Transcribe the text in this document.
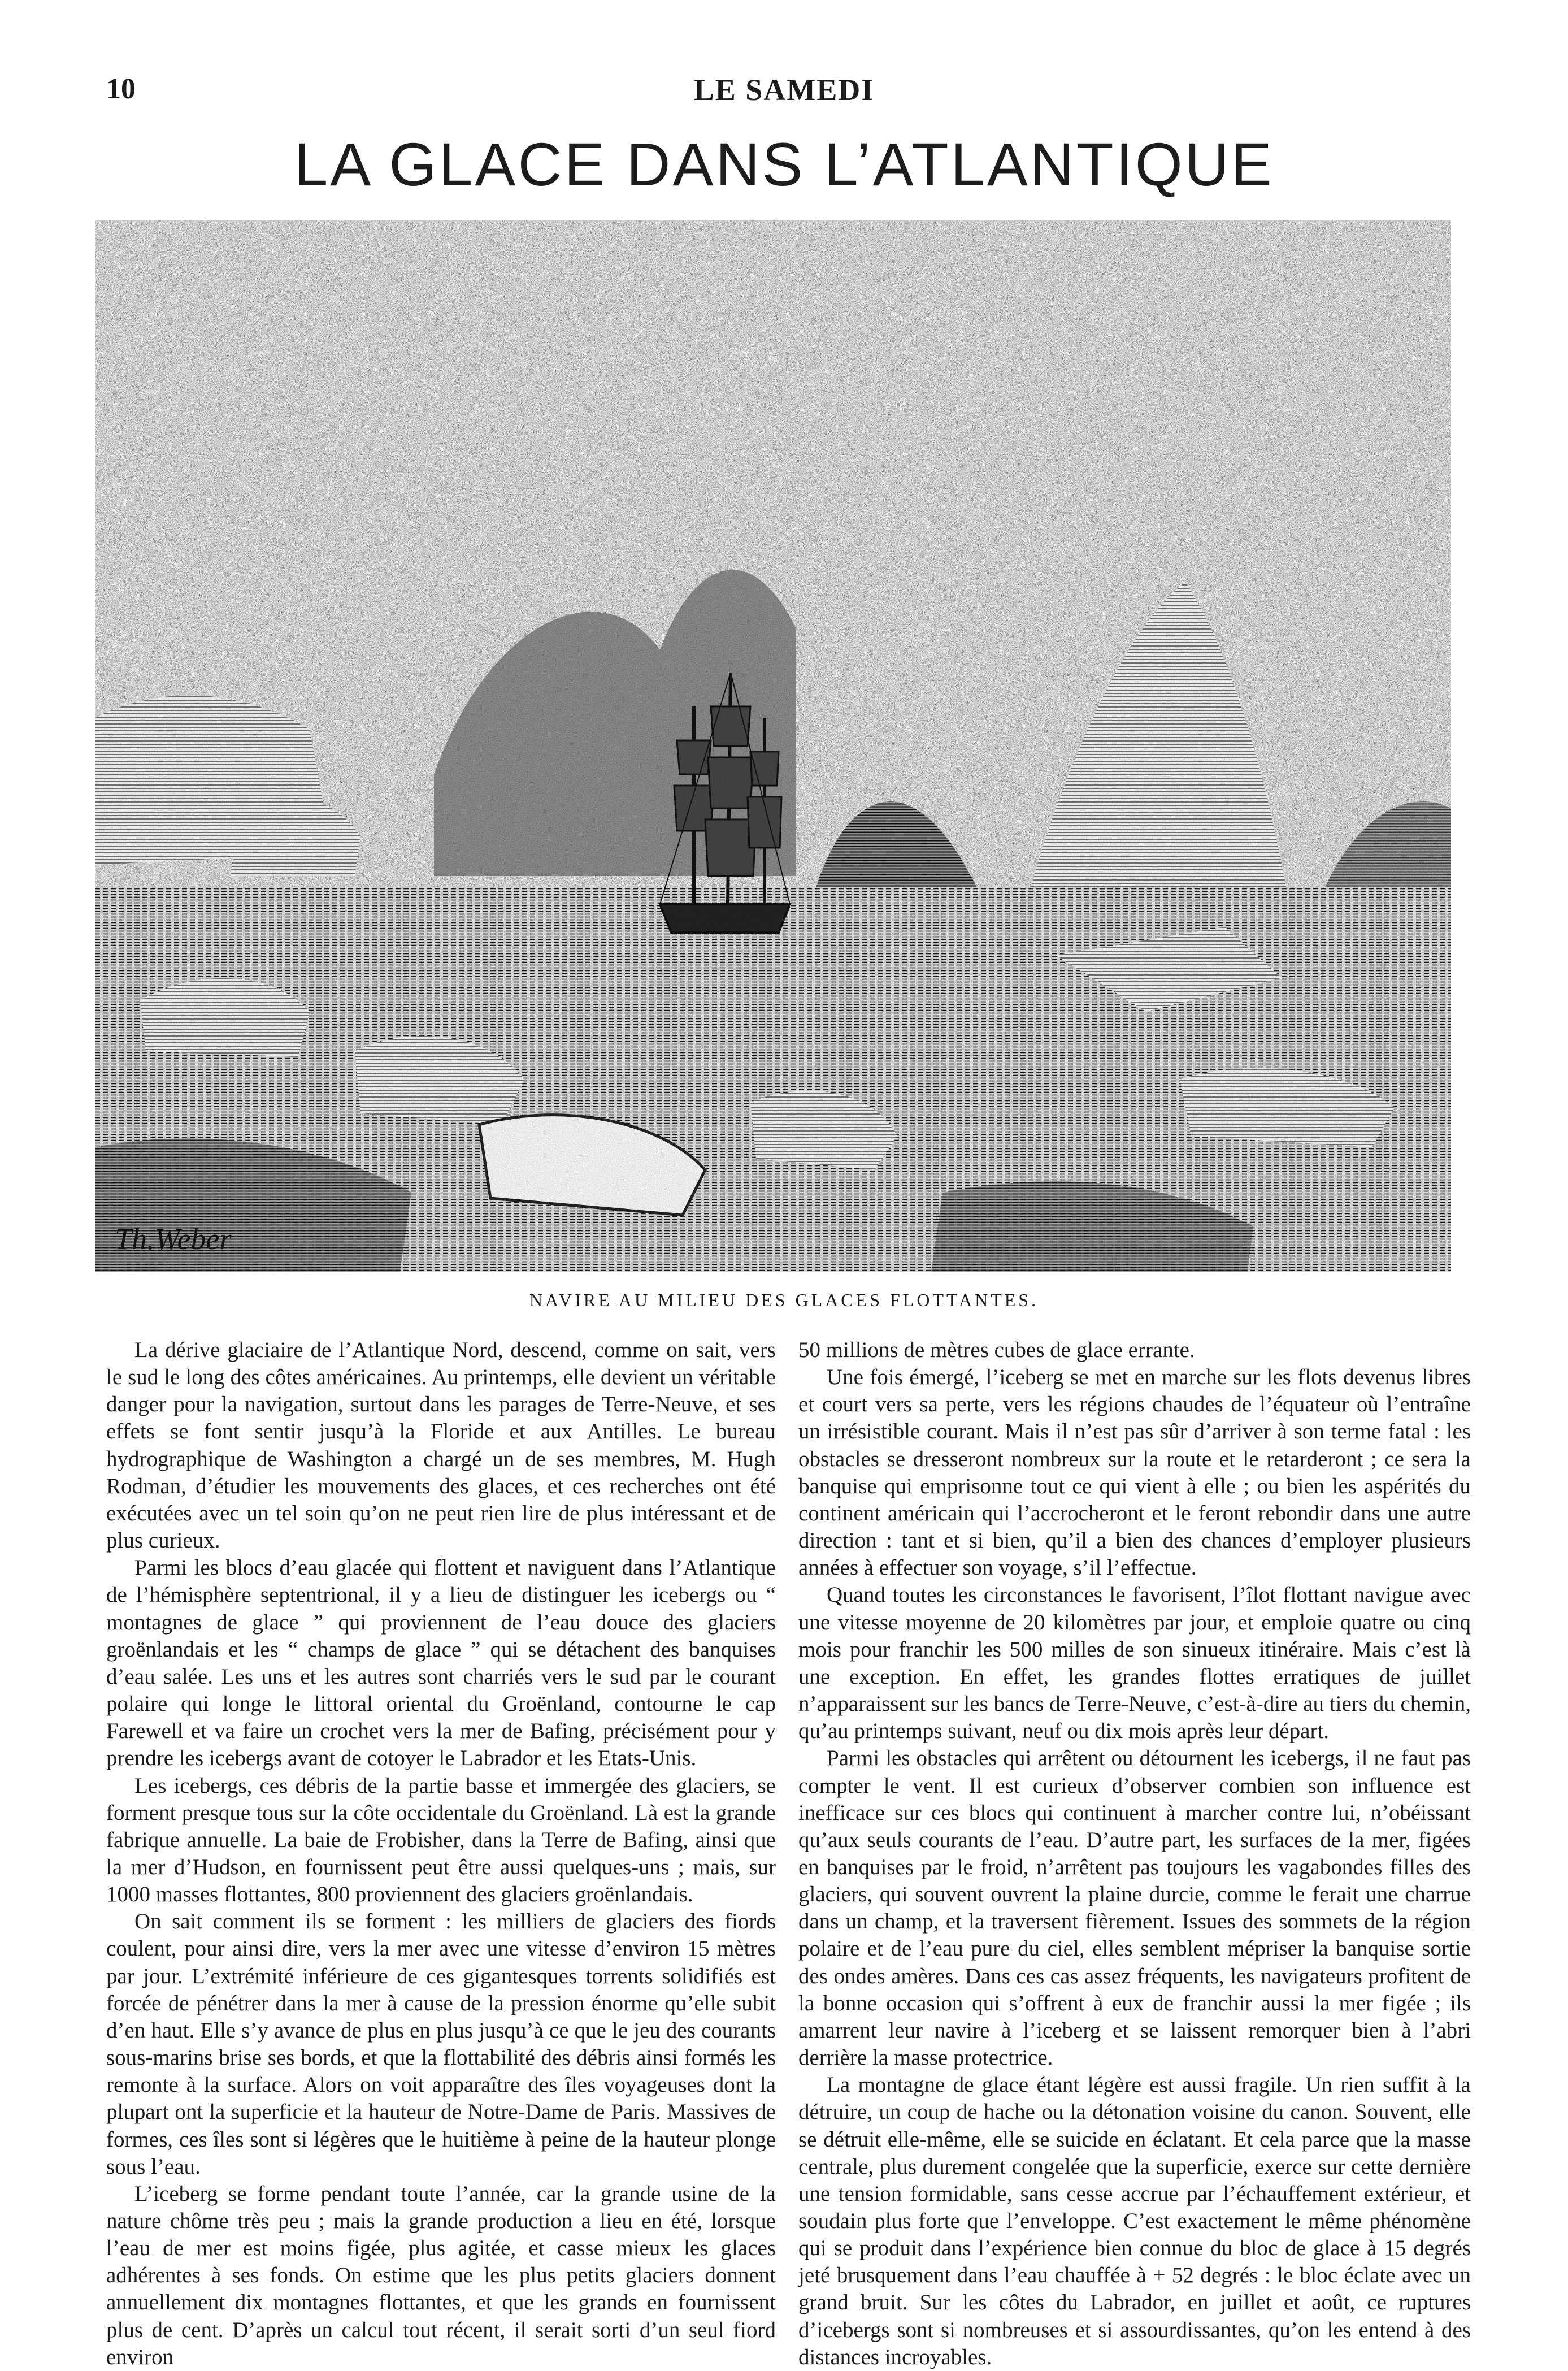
10	LE SAMEDI
LA GLACE DANS L’ATLANTIQUE
Th.Weber
NAVIRE AU MILIEU DES GLACES FLOTTANTES.

La dérive glaciaire de l’Atlantique Nord, descend, comme on sait, vers le sud le long des côtes américaines. Au printemps, elle devient un véritable danger pour la navigation, surtout dans les parages de Terre-Neuve, et ses effets se font sentir jusqu’à la Floride et aux Antilles. Le bureau hydrographique de Washington a chargé un de ses membres, M. Hugh Rodman, d’étudier les mouvements des glaces, et ces recherches ont été exécutées avec un tel soin qu’on ne peut rien lire de plus intéressant et de plus curieux.

Parmi les blocs d’eau glacée qui flottent et naviguent dans l’Atlantique de l’hémisphère septentrional, il y a lieu de distinguer les icebergs ou “ montagnes de glace ” qui proviennent de l’eau douce des glaciers groënlandais et les “ champs de glace ” qui se détachent des banquises d’eau salée. Les uns et les autres sont charriés vers le sud par le courant polaire qui longe le littoral oriental du Groënland, contourne le cap Farewell et va faire un crochet vers la mer de Bafing, précisément pour y prendre les icebergs avant de cotoyer le Labrador et les Etats-Unis.

Les icebergs, ces débris de la partie basse et immergée des glaciers, se forment presque tous sur la côte occidentale du Groënland. Là est la grande fabrique annuelle. La baie de Frobisher, dans la Terre de Bafing, ainsi que la mer d’Hudson, en fournissent peut être aussi quelques-uns ; mais, sur 1000 masses flottantes, 800 proviennent des glaciers groënlandais.

On sait comment ils se forment : les milliers de glaciers des fiords coulent, pour ainsi dire, vers la mer avec une vitesse d’environ 15 mètres par jour. L’extrémité inférieure de ces gigantesques torrents solidifiés est forcée de pénétrer dans la mer à cause de la pression énorme qu’elle subit d’en haut. Elle s’y avance de plus en plus jusqu’à ce que le jeu des courants sous-marins brise ses bords, et que la flottabilité des débris ainsi formés les remonte à la surface. Alors on voit apparaître des îles voyageuses dont la plupart ont la superficie et la hauteur de Notre-Dame de Paris. Massives de formes, ces îles sont si légères que le huitième à peine de la hauteur plonge sous l’eau.

L’iceberg se forme pendant toute l’année, car la grande usine de la nature chôme très peu ; mais la grande production a lieu en été, lorsque l’eau de mer est moins figée, plus agitée, et casse mieux les glaces adhérentes à ses fonds. On estime que les plus petits glaciers donnent annuellement dix montagnes flottantes, et que les grands en fournissent plus de cent. D’après un calcul tout récent, il serait sorti d’un seul fiord environ

50 millions de mètres cubes de glace errante.

Une fois émergé, l’iceberg se met en marche sur les flots devenus libres et court vers sa perte, vers les régions chaudes de l’équateur où l’entraîne un irrésistible courant. Mais il n’est pas sûr d’arriver à son terme fatal : les obstacles se dresseront nombreux sur la route et le retarderont ; ce sera la banquise qui emprisonne tout ce qui vient à elle ; ou bien les aspérités du continent américain qui l’accrocheront et le feront rebondir dans une autre direction : tant et si bien, qu’il a bien des chances d’employer plusieurs années à effectuer son voyage, s’il l’effectue.

Quand toutes les circonstances le favorisent, l’îlot flottant navigue avec une vitesse moyenne de 20 kilomètres par jour, et emploie quatre ou cinq mois pour franchir les 500 milles de son sinueux itinéraire. Mais c’est là une exception. En effet, les grandes flottes erratiques de juillet n’apparaissent sur les bancs de Terre-Neuve, c’est-à-dire au tiers du chemin, qu’au printemps suivant, neuf ou dix mois après leur départ.

Parmi les obstacles qui arrêtent ou détournent les icebergs, il ne faut pas compter le vent. Il est curieux d’observer combien son influence est inefficace sur ces blocs qui continuent à marcher contre lui, n’obéissant qu’aux seuls courants de l’eau. D’autre part, les surfaces de la mer, figées en banquises par le froid, n’arrêtent pas toujours les vagabondes filles des glaciers, qui souvent ouvrent la plaine durcie, comme le ferait une charrue dans un champ, et la traversent fièrement. Issues des sommets de la région polaire et de l’eau pure du ciel, elles semblent mépriser la banquise sortie des ondes amères. Dans ces cas assez fréquents, les navigateurs profitent de la bonne occasion qui s’offrent à eux de franchir aussi la mer figée ; ils amarrent leur navire à l’iceberg et se laissent remorquer bien à l’abri derrière la masse protectrice.

La montagne de glace étant légère est aussi fragile. Un rien suffit à la détruire, un coup de hache ou la détonation voisine du canon. Souvent, elle se détruit elle-même, elle se suicide en éclatant. Et cela parce que la masse centrale, plus durement congelée que la superficie, exerce sur cette dernière une tension formidable, sans cesse accrue par l’échauffement extérieur, et soudain plus forte que l’enveloppe. C’est exactement le même phénomène qui se produit dans l’expérience bien connue du bloc de glace à 15 degrés jeté brusquement dans l’eau chauffée à + 52 degrés : le bloc éclate avec un grand bruit. Sur les côtes du Labrador, en juillet et août, ce ruptures d’icebergs sont si nombreuses et si assourdissantes, qu’on les entend à des distances incroyables.
